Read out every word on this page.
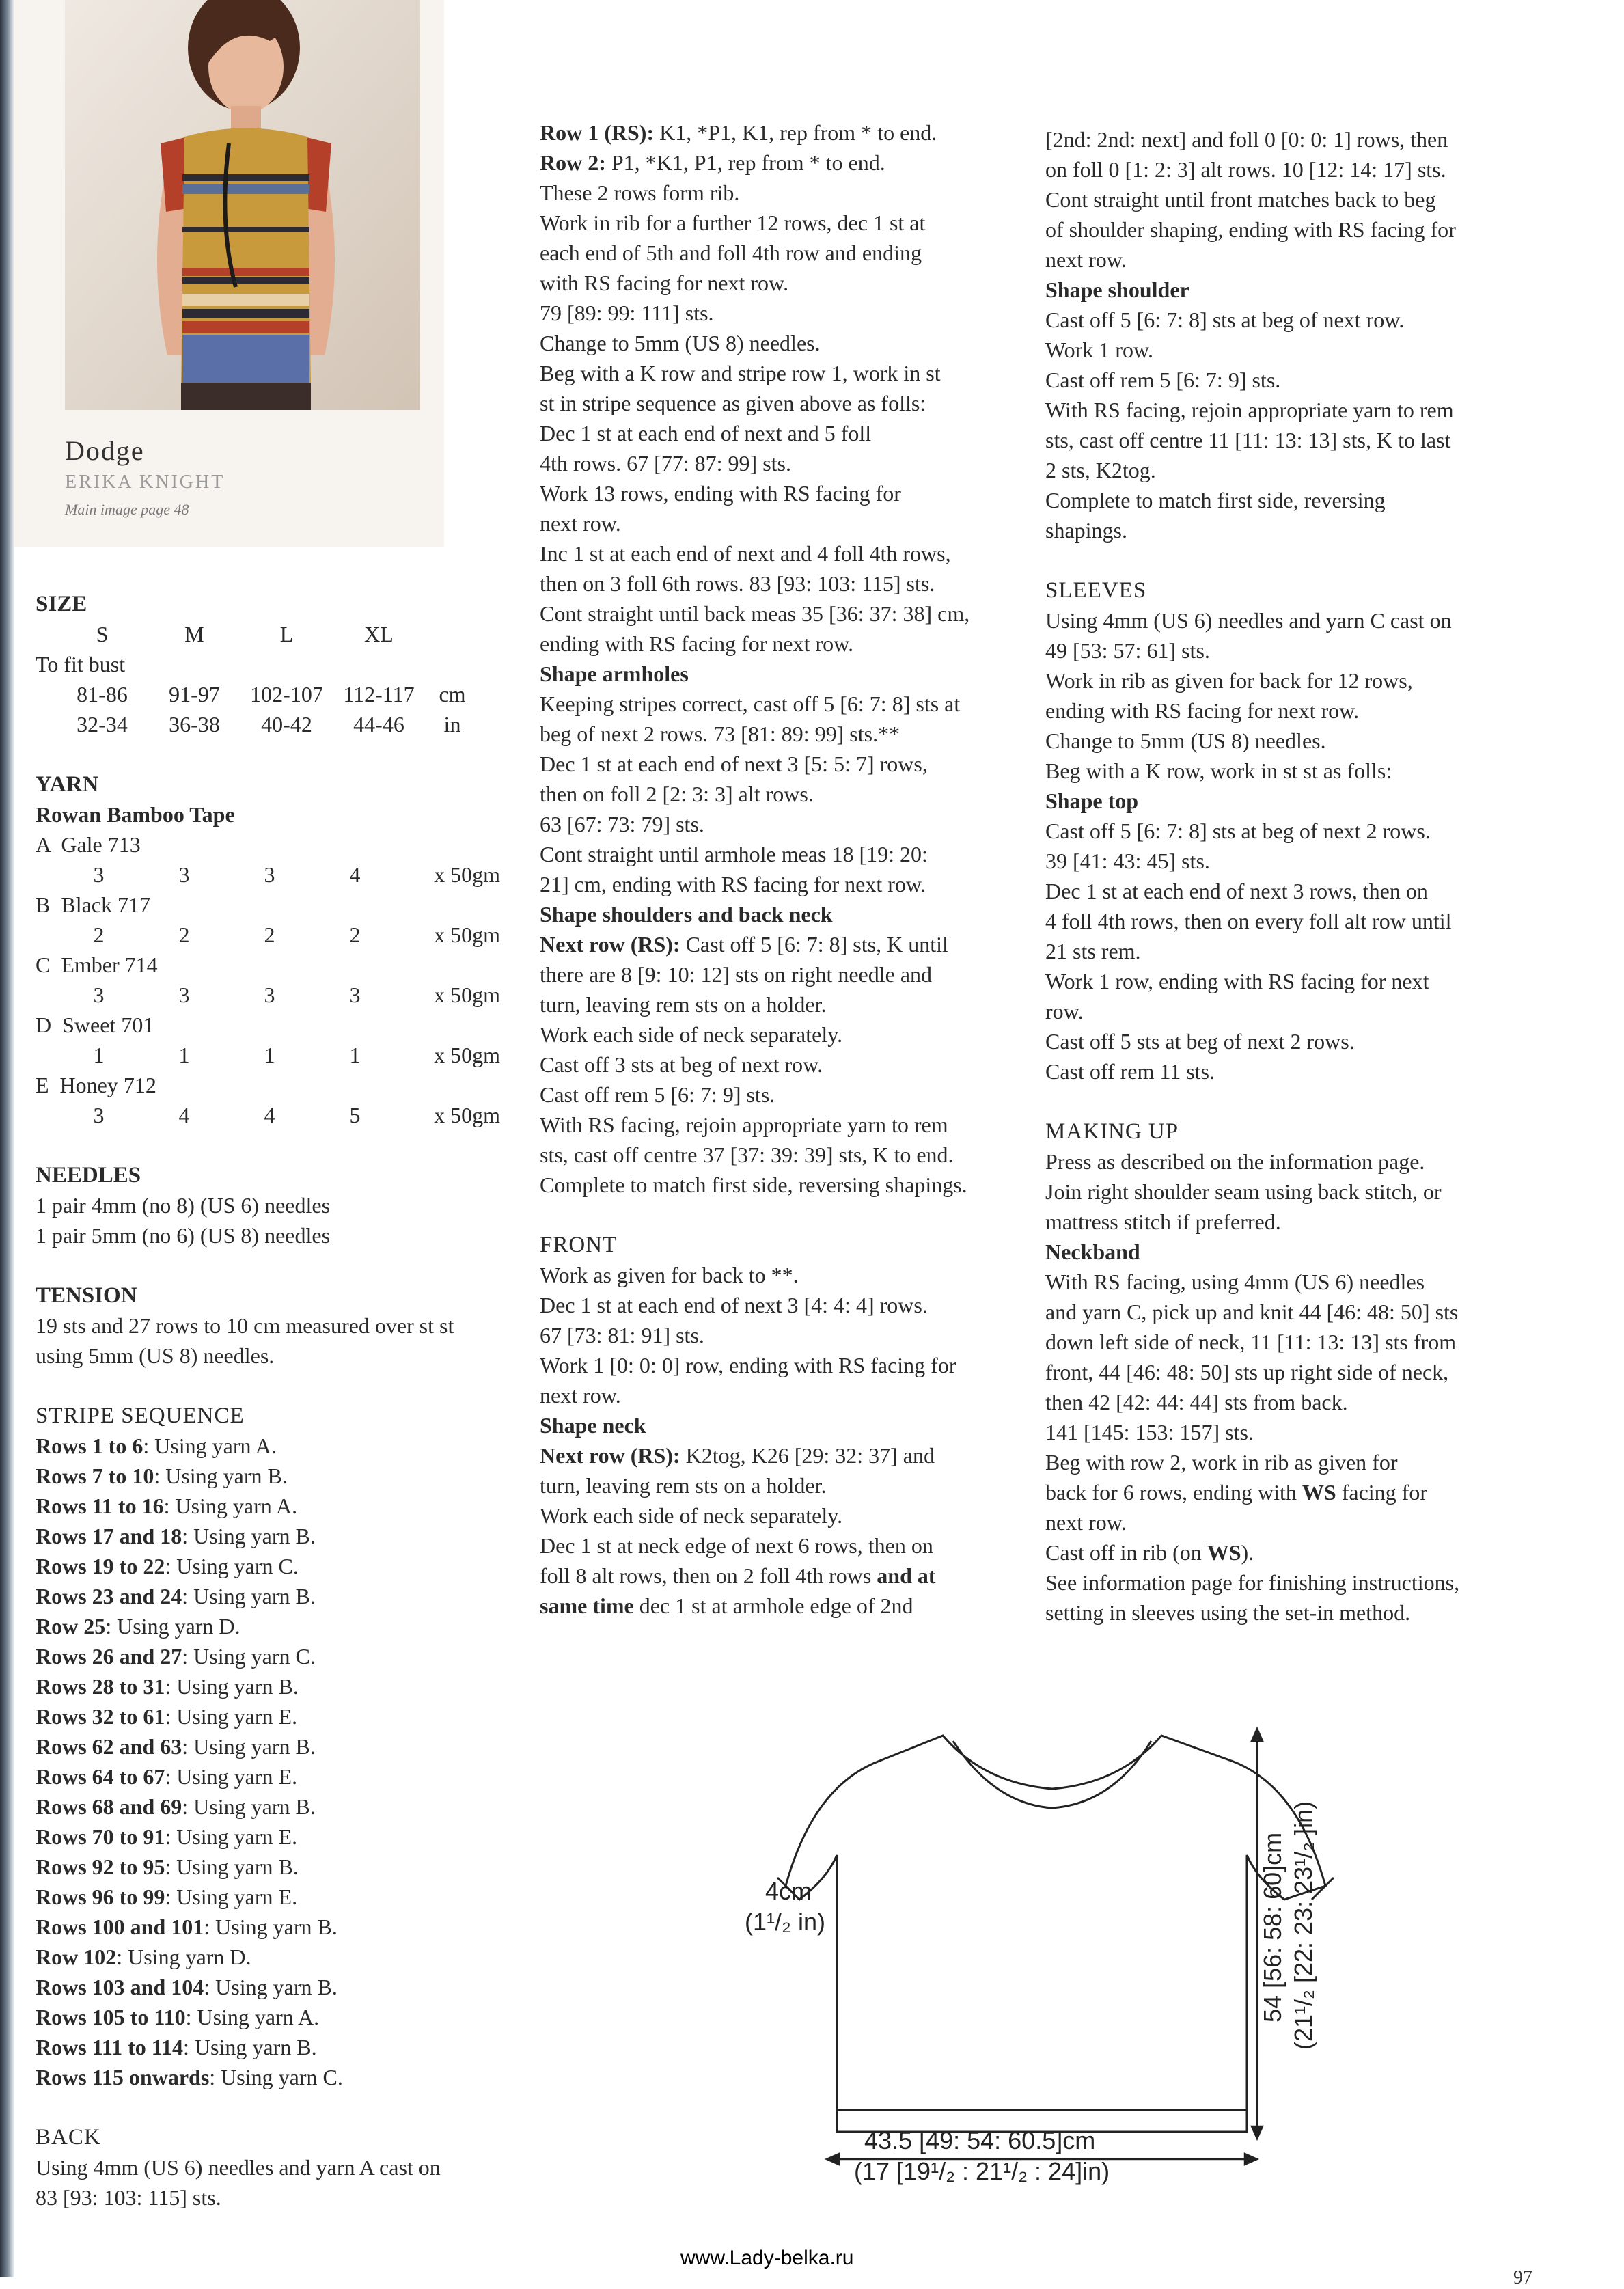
Dodge
ERIKA KNIGHT
Main image page 48

SIZE

S	M	L	XL	

To fit bust

81-86	91-97	102-107	112-117	cm
32-34	36-38	40-42	44-46	in

YARN

Rowan Bamboo Tape

A  Gale 713

3	3	3	4	x 50gm

B  Black 717

2	2	2	2	x 50gm

C  Ember 714

3	3	3	3	x 50gm

D  Sweet 701

1	1	1	1	x 50gm

E  Honey 712

3	4	4	5	x 50gm

NEEDLES

1 pair 4mm (no 8) (US 6) needles

1 pair 5mm (no 6) (US 8) needles

TENSION

19 sts and 27 rows to 10 cm measured over st st

using 5mm (US 8) needles.

STRIPE SEQUENCE

Rows 1 to 6: Using yarn A.

Rows 7 to 10: Using yarn B.

Rows 11 to 16: Using yarn A.

Rows 17 and 18: Using yarn B.

Rows 19 to 22: Using yarn C.

Rows 23 and 24: Using yarn B.

Row 25: Using yarn D.

Rows 26 and 27: Using yarn C.

Rows 28 to 31: Using yarn B.

Rows 32 to 61: Using yarn E.

Rows 62 and 63: Using yarn B.

Rows 64 to 67: Using yarn E.

Rows 68 and 69: Using yarn B.

Rows 70 to 91: Using yarn E.

Rows 92 to 95: Using yarn B.

Rows 96 to 99: Using yarn E.

Rows 100 and 101: Using yarn B.

Row 102: Using yarn D.

Rows 103 and 104: Using yarn B.

Rows 105 to 110: Using yarn A.

Rows 111 to 114: Using yarn B.

Rows 115 onwards: Using yarn C.

BACK

Using 4mm (US 6) needles and yarn A cast on

83 [93: 103: 115] sts.

Row 1 (RS): K1, *P1, K1, rep from * to end.

Row 2: P1, *K1, P1, rep from * to end.

These 2 rows form rib.

Work in rib for a further 12 rows, dec 1 st at

each end of 5th and foll 4th row and ending

with RS facing for next row.

79 [89: 99: 111] sts.

Change to 5mm (US 8) needles.

Beg with a K row and stripe row 1, work in st

st in stripe sequence as given above as folls:

Dec 1 st at each end of next and 5 foll

4th rows. 67 [77: 87: 99] sts.

Work 13 rows, ending with RS facing for

next row.

Inc 1 st at each end of next and 4 foll 4th rows,

then on 3 foll 6th rows. 83 [93: 103: 115] sts.

Cont straight until back meas 35 [36: 37: 38] cm,

ending with RS facing for next row.

Shape armholes

Keeping stripes correct, cast off 5 [6: 7: 8] sts at

beg of next 2 rows. 73 [81: 89: 99] sts.**

Dec 1 st at each end of next 3 [5: 5: 7] rows,

then on foll 2 [2: 3: 3] alt rows.

63 [67: 73: 79] sts.

Cont straight until armhole meas 18 [19: 20:

21] cm, ending with RS facing for next row.

Shape shoulders and back neck

Next row (RS): Cast off 5 [6: 7: 8] sts, K until

there are 8 [9: 10: 12] sts on right needle and

turn, leaving rem sts on a holder.

Work each side of neck separately.

Cast off 3 sts at beg of next row.

Cast off rem 5 [6: 7: 9] sts.

With RS facing, rejoin appropriate yarn to rem

sts, cast off centre 37 [37: 39: 39] sts, K to end.

Complete to match first side, reversing shapings.

FRONT

Work as given for back to **.

Dec 1 st at each end of next 3 [4: 4: 4] rows.

67 [73: 81: 91] sts.

Work 1 [0: 0: 0] row, ending with RS facing for

next row.

Shape neck

Next row (RS): K2tog, K26 [29: 32: 37] and

turn, leaving rem sts on a holder.

Work each side of neck separately.

Dec 1 st at neck edge of next 6 rows, then on

foll 8 alt rows, then on 2 foll 4th rows and at

same time dec 1 st at armhole edge of 2nd

[2nd: 2nd: next] and foll 0 [0: 0: 1] rows, then

on foll 0 [1: 2: 3] alt rows. 10 [12: 14: 17] sts.

Cont straight until front matches back to beg

of shoulder shaping, ending with RS facing for

next row.

Shape shoulder

Cast off 5 [6: 7: 8] sts at beg of next row.

Work 1 row.

Cast off rem 5 [6: 7: 9] sts.

With RS facing, rejoin appropriate yarn to rem

sts, cast off centre 11 [11: 13: 13] sts, K to last

2 sts, K2tog.

Complete to match first side, reversing

shapings.

SLEEVES

Using 4mm (US 6) needles and yarn C cast on

49 [53: 57: 61] sts.

Work in rib as given for back for 12 rows,

ending with RS facing for next row.

Change to 5mm (US 8) needles.

Beg with a K row, work in st st as folls:

Shape top

Cast off 5 [6: 7: 8] sts at beg of next 2 rows.

39 [41: 43: 45] sts.

Dec 1 st at each end of next 3 rows, then on

4 foll 4th rows, then on every foll alt row until

21 sts rem.

Work 1 row, ending with RS facing for next

row.

Cast off 5 sts at beg of next 2 rows.

Cast off rem 11 sts.

MAKING UP

Press as described on the information page.

Join right shoulder seam using back stitch, or

mattress stitch if preferred.

Neckband

With RS facing, using 4mm (US 6) needles

and yarn C, pick up and knit 44 [46: 48: 50] sts

down left side of neck, 11 [11: 13: 13] sts from

front, 44 [46: 48: 50] sts up right side of neck,

then 42 [42: 44: 44] sts from back.

141 [145: 153: 157] sts.

Beg with row 2, work in rib as given for

back for 6 rows, ending with WS facing for

next row.

Cast off in rib (on WS).

See information page for finishing instructions,

setting in sleeves using the set-in method.

4cm
(1¹/₂ in)	54 [56: 58: 60]cm (21¹/₂ [22: 23: 23¹/₂ ]in)
43.5 [49: 54: 60.5]cm
(17 [19¹/₂ : 21¹/₂ : 24]in)
www.Lady-belka.ru
97
